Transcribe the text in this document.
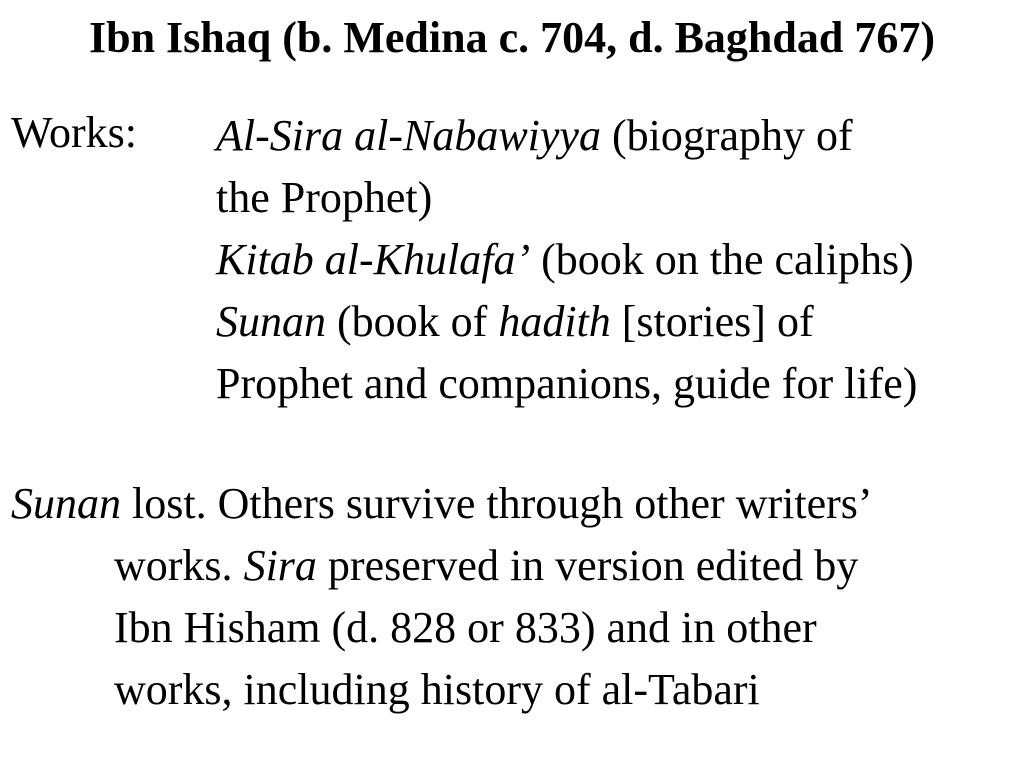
Ibn Ishaq (b. Medina c. 704, d. Baghdad 767)
Works: Al-Sira al-Nabawiyya (biography of
the Prophet)
Kitab al-Khulafa’ (book on the caliphs)
Sunan (book of hadith [stories] of
Prophet and companions, guide for life)
Sunan lost. Others survive through other writers’
works. Sira preserved in version edited by
Ibn Hisham (d. 828 or 833) and in other
works, including history of al-Tabari
